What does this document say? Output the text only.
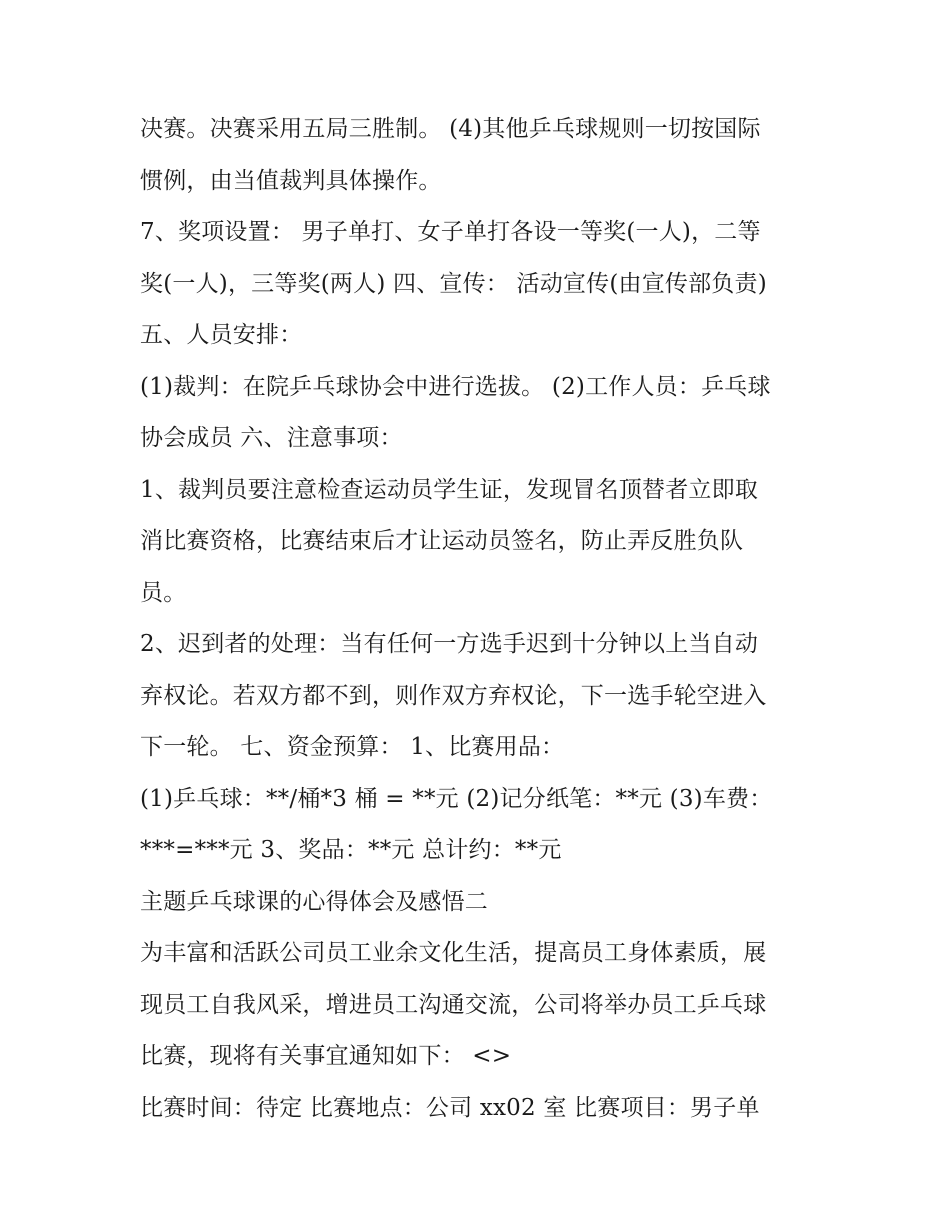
决赛。决赛采用五局三胜制。 (4)其他乒乓球规则一切按国际
惯例，由当值裁判具体操作。
7、奖项设置： 男子单打、女子单打各设一等奖(一人)，二等
奖(一人)，三等奖(两人) 四、宣传： 活动宣传(由宣传部负责)
五、人员安排：
(1)裁判：在院乒乓球协会中进行选拔。 (2)工作人员：乒乓球
协会成员 六、注意事项：
1、裁判员要注意检查运动员学生证，发现冒名顶替者立即取
消比赛资格，比赛结束后才让运动员签名，防止弄反胜负队
员。
2、迟到者的处理：当有任何一方选手迟到十分钟以上当自动
弃权论。若双方都不到，则作双方弃权论，下一选手轮空进入
下一轮。 七、资金预算： 1、比赛用品：
(1)乒乓球：**/桶*3 桶 = **元 (2)记分纸笔：**元 (3)车费：
***=***元 3、奖品：**元 总计约：**元
主题乒乓球课的心得体会及感悟二
为丰富和活跃公司员工业余文化生活，提高员工身体素质，展
现员工自我风采，增进员工沟通交流，公司将举办员工乒乓球
比赛，现将有关事宜通知如下： <>
比赛时间：待定 比赛地点：公司 xx02 室 比赛项目：男子单
